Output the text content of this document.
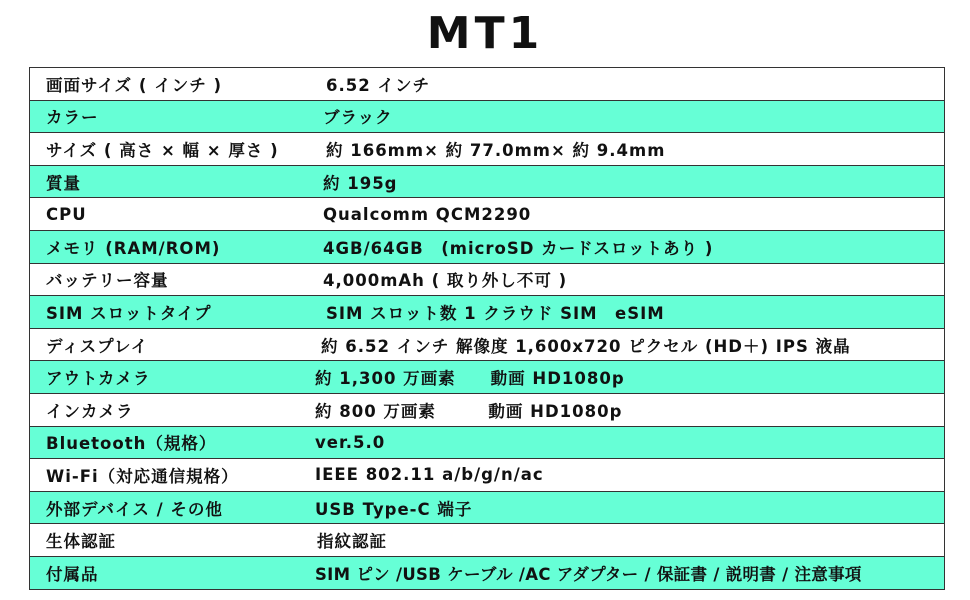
MT1
画面サイズ ( インチ )	6.52 インチ
カラー	ブラック
サイズ ( 高さ × 幅 × 厚さ )	約 166mm× 約 77.0mm× 約 9.4mm
質量	約 195g
CPU	Qualcomm QCM2290
メモリ (RAM/ROM)	4GB/64GB　(microSD カードスロットあり )
バッテリー容量	4,000mAh ( 取り外し不可 )
SIM スロットタイプ	SIM スロット数 1 クラウド SIM　eSIM
ディスプレイ	約 6.52 インチ 解像度 1,600x720 ピクセル (HD＋) IPS 液晶
アウトカメラ	約 1,300 万画素　　動画 HD1080p
インカメラ	約 800 万画素　　　動画 HD1080p
Bluetooth（規格）	ver.5.0
Wi-Fi（対応通信規格）	IEEE 802.11 a/b/g/n/ac
外部デバイス / その他	USB Type-C 端子
生体認証	指紋認証
付属品	SIM ピン /USB ケーブル /AC アダプター / 保証書 / 説明書 / 注意事項
